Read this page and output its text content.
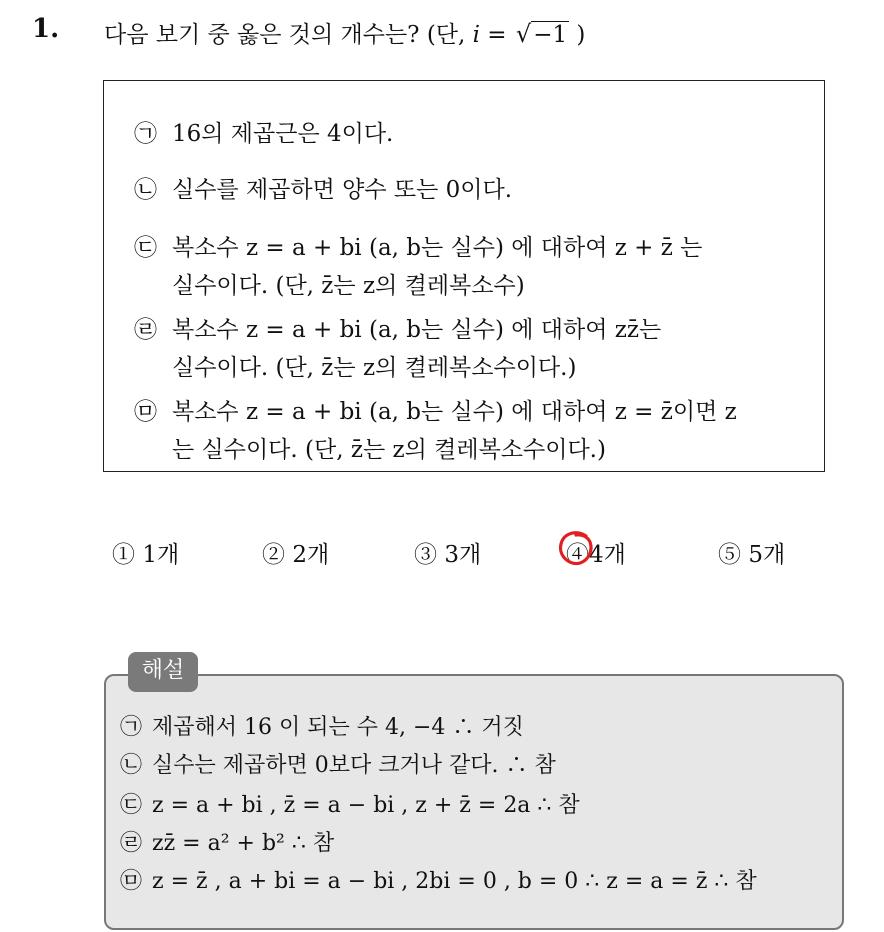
1. 다음 보기 중 옳은 것의 개수는? (단, i = √−1 )
㉠ 16의 제곱근은 4이다.
㉡ 실수를 제곱하면 양수 또는 0이다.
㉢ 복소수 z = a + bi (a, b는 실수) 에 대하여 z + z̄ 는
실수이다. (단, z̄는 z의 켤레복소수)
㉣ 복소수 z = a + bi (a, b는 실수) 에 대하여 zz̄는
실수이다. (단, z̄는 z의 켤레복소수이다.)
㉤ 복소수 z = a + bi (a, b는 실수) 에 대하여 z = z̄이면 z
는 실수이다. (단, z̄는 z의 켤레복소수이다.)
① 1개	② 2개	③ 3개	④4개	⑤ 5개
㉠ 제곱해서 16 이 되는 수 4, −4 ∴ 거짓
㉡ 실수는 제곱하면 0보다 크거나 같다. ∴ 참
㉢ z = a + bi , z̄ = a − bi , z + z̄ = 2a ∴ 참
㉣ zz̄ = a² + b² ∴ 참
㉤ z = z̄ , a + bi = a − bi , 2bi = 0 , b = 0 ∴ z = a = z̄ ∴ 참
해설
